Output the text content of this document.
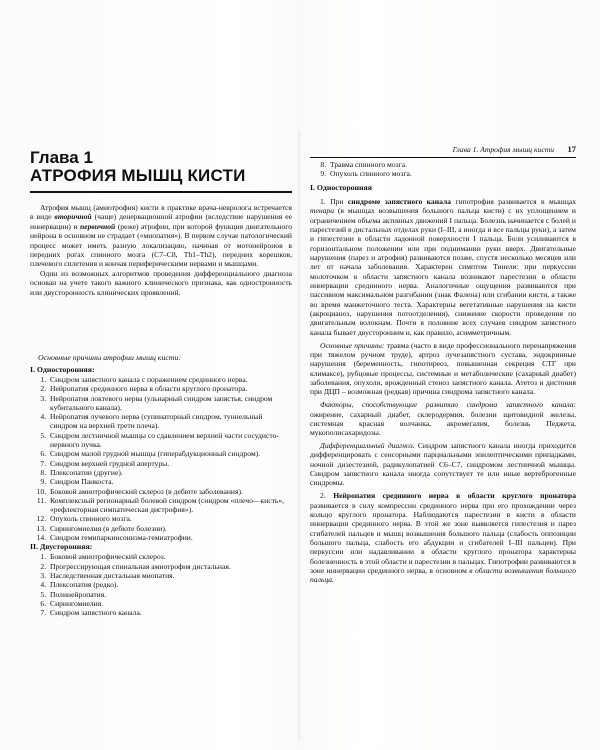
Глава 1
АТРОФИЯ МЫШЦ КИСТИ

Атрофия мышц (амиотрофия) кисти в практике врача-невролога встречается в виде вторичной (чаще) денервационной атрофии (вследствие нарушения ее иннервации) и первичной (реже) атрофии, при которой функция двигательного нейрона в основном не страдает («миопатия»). В первом случае патологический процесс может иметь разную локализацию, начиная от мотонейронов в передних рогах спинного мозга (C7–C8, Th1–Th2), передних корешков, плечевого сплетения и кончая периферическими нервами и мышцами.

Один из возможных алгоритмов проведения дифференциального диагноза основан на учете такого важного клинического признака, как одностронность или двусторонность клинических проявлений.

Основные причины атрофии мышц кисти:

I. Односторонняя:

1. Синдром запястного канала с поражением срединного нерва.
2. Нейропатия срединного нерва в области круглого пронатора.
3. Нейропатия локтевого нерва (ульнарный синдром запястья, синдром кубитального канала).
4. Нейропатия лучевого нерва (супинаторный синдром, туннельный синдром на верхней трети плеча).
5. Синдром лестничной мышцы со сдавлением верхней части сосудисто-нервного пучка.
6. Синдром малой грудной мышцы (гиперабдукционный синдром).
7. Синдром верхней грудной апертуры.
8. Плексопатии (другие).
9. Синдром Панкоста.
10. Боковой амиотрофический склероз (в дебюте заболевания).
11. Комплексный регионарный болевой синдром (синдром «плечо—кисть», «рефлекторная симпатическая дистрофия»).
12. Опухоль спинного мозга.
13. Сирингомиелия (в дебюте болезни).
14. Синдром гемипаркинсонизма-гемиатрофии.

II. Двусторонняя:

1. Боковой амиотрофический склероз.
2. Прогрессирующая спинальная амиотрофия дистальная.
3. Наследственная дистальная миопатия.
4. Плексопатия (редко).
5. Полинейропатия.
6. Сирингомиелия.
7. Синдром запястного канала.
Глава 1. Атрофия мышц кисти 17
8. Травма спинного мозга.
9. Опухоль спинного мозга.

I. Односторонняя

1. При синдроме запястного канала гипотрофия развивается в мышцах тенара (в мышцах возвышения большого пальца кисти) с их уплощением и ограничением объема активных движений I пальца. Болезнь начинается с болей и парестезий в дистальных отделах руки (I–III, а иногда и все пальцы руки), а затем и гипестезии в области ладонной поверхности I пальца. Боли усиливаются в горизонтальном положении или при поднимании руки вверх. Двигательные нарушения (парез и атрофия) развиваются позже, спустя несколько месяцев или лет от начала заболевания. Характерен симптом Тинеля: при перкуссии молоточком в области запястного канала возникают парестезии в области иннервации срединного нерва. Аналогичные ощущения развиваются при пассивном максимальном разгибании (знак Фалена) или сгибании кисти, а также во время манжеточного теста. Характерны вегетативные нарушения на кисти (акроцианоз, нарушения потоотделения), снижение скорости проведения по двигательным волокнам. Почти в половине всех случаев синдром запястного канала бывает двусторонним и, как правило, асимметричным.

Основные причины: травма (часто в виде профессионального перенапряжения при тяжелом ручном труде), артроз лучезапястного сустава, эндокринные нарушения (беременность, гипотиреоз, повышенная секреция СТГ при климаксе), рубцовые процессы, системные и метаболические (сахарный диабет) заболевания, опухоли, врожденный стеноз запястного канала. Атетоз и дистония при ДЦП – возможная (редкая) причина синдрома запястного канала.

Факторы, способствующие развитию синдрома запястного канала: ожирение, сахарный диабет, склеродермия, болезни щитовидной железы, системная красная волчанка, акромегалия, болезнь Педжета, мукополисахаридозы.

Дифференциальный диагноз. Синдром запястного канала иногда приходится дифференцировать с сенсорными парциальными эпилептическими припадками, ночной дизестезией, радикулопатией C6–C7, синдромом лестничной мышцы. Синдром запястного канала иногда сопутствует те или иные вертеброгенные синдромы.

2. Нейропатия срединного нерва в области круглого пронатора развивается в силу компрессии срединного нерва при его прохождении через кольцо круглого пронатора. Наблюдаются парестезии в кисти в области иннервации срединного нерва. В этой же зоне выявляется гипестезия и парез сгибателей пальцев и мышц возвышения большого пальца (слабость оппозиции большого пальца, слабость его абдукции и сгибателей I–III пальцев). При перкуссии или надавливании в области круглого пронатора характерны болезненность в этой области и парестезии в пальцах. Гипотрофии развиваются в зоне иннервации срединного нерва, в основном в области возвышения большого пальца.
